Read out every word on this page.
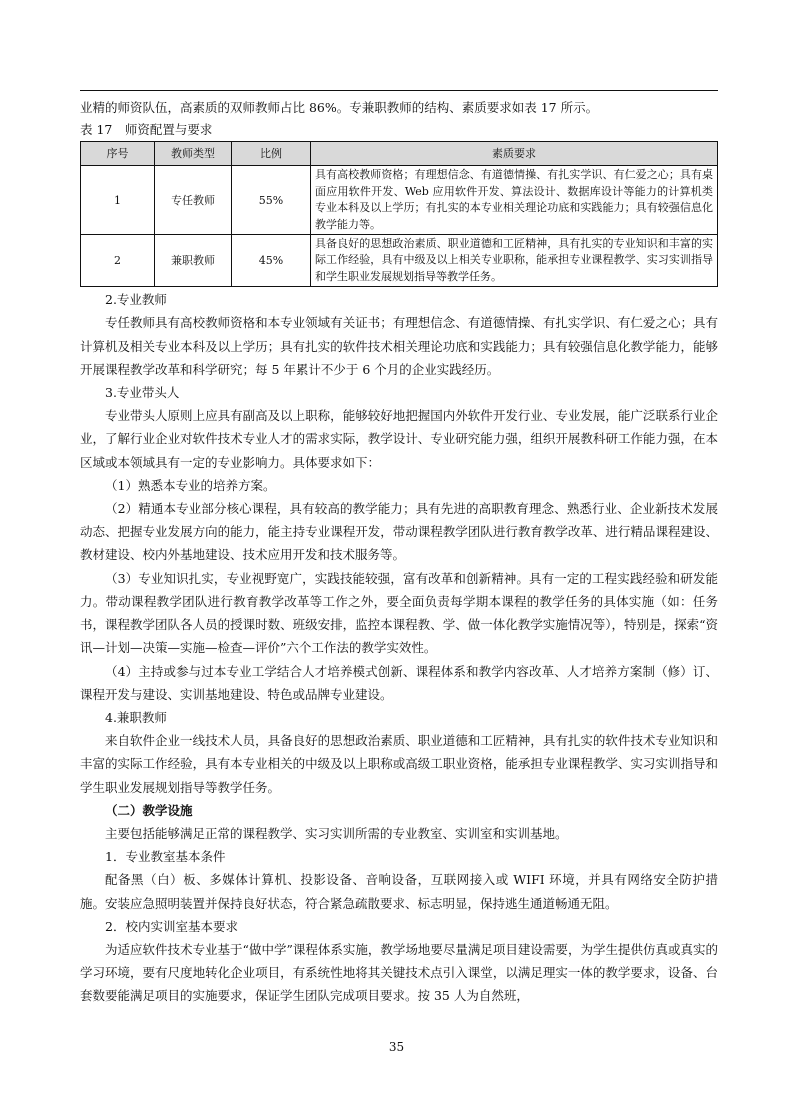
业精的师资队伍，高素质的双师教师占比 86%。专兼职教师的结构、素质要求如表 17 所示。

表 17　师资配置与要求

序号	教师类型	比例	素质要求
1	专任教师	55%	具有高校教师资格；有理想信念、有道德情操、有扎实学识、有仁爱之心；具有桌面应用软件开发、Web 应用软件开发、算法设计、数据库设计等能力的计算机类专业本科及以上学历；有扎实的本专业相关理论功底和实践能力；具有较强信息化教学能力等。
2	兼职教师	45%	具备良好的思想政治素质、职业道德和工匠精神，具有扎实的专业知识和丰富的实际工作经验，具有中级及以上相关专业职称，能承担专业课程教学、实习实训指导和学生职业发展规划指导等教学任务。

2.专业教师

专任教师具有高校教师资格和本专业领域有关证书；有理想信念、有道德情操、有扎实学识、有仁爱之心；具有计算机及相关专业本科及以上学历；具有扎实的软件技术相关理论功底和实践能力；具有较强信息化教学能力，能够开展课程教学改革和科学研究；每 5 年累计不少于 6 个月的企业实践经历。

3.专业带头人

专业带头人原则上应具有副高及以上职称，能够较好地把握国内外软件开发行业、专业发展，能广泛联系行业企业，了解行业企业对软件技术专业人才的需求实际，教学设计、专业研究能力强，组织开展教科研工作能力强，在本区域或本领域具有一定的专业影响力。具体要求如下：

（1）熟悉本专业的培养方案。

（2）精通本专业部分核心课程，具有较高的教学能力；具有先进的高职教育理念、熟悉行业、企业新技术发展动态、把握专业发展方向的能力，能主持专业课程开发，带动课程教学团队进行教育教学改革、进行精品课程建设、教材建设、校内外基地建设、技术应用开发和技术服务等。

（3）专业知识扎实，专业视野宽广，实践技能较强，富有改革和创新精神。具有一定的工程实践经验和研发能力。带动课程教学团队进行教育教学改革等工作之外，要全面负责每学期本课程的教学任务的具体实施（如：任务书，课程教学团队各人员的授课时数、班级安排，监控本课程教、学、做一体化教学实施情况等），特别是，探索“资讯—计划—决策—实施—检查—评价”六个工作法的教学实效性。

（4）主持或参与过本专业工学结合人才培养模式创新、课程体系和教学内容改革、人才培养方案制（修）订、课程开发与建设、实训基地建设、特色或品牌专业建设。

4.兼职教师

来自软件企业一线技术人员，具备良好的思想政治素质、职业道德和工匠精神，具有扎实的软件技术专业知识和丰富的实际工作经验，具有本专业相关的中级及以上职称或高级工职业资格，能承担专业课程教学、实习实训指导和学生职业发展规划指导等教学任务。

（二）教学设施

主要包括能够满足正常的课程教学、实习实训所需的专业教室、实训室和实训基地。

1．专业教室基本条件

配备黑（白）板、多媒体计算机、投影设备、音响设备，互联网接入或 WIFI 环境，并具有网络安全防护措施。安装应急照明装置并保持良好状态，符合紧急疏散要求、标志明显，保持逃生通道畅通无阻。

2．校内实训室基本要求

为适应软件技术专业基于“做中学”课程体系实施，教学场地要尽量满足项目建设需要，为学生提供仿真或真实的学习环境，要有尺度地转化企业项目，有系统性地将其关键技术点引入课堂，以满足理实一体的教学要求，设备、台套数要能满足项目的实施要求，保证学生团队完成项目要求。按 35 人为自然班，

35
